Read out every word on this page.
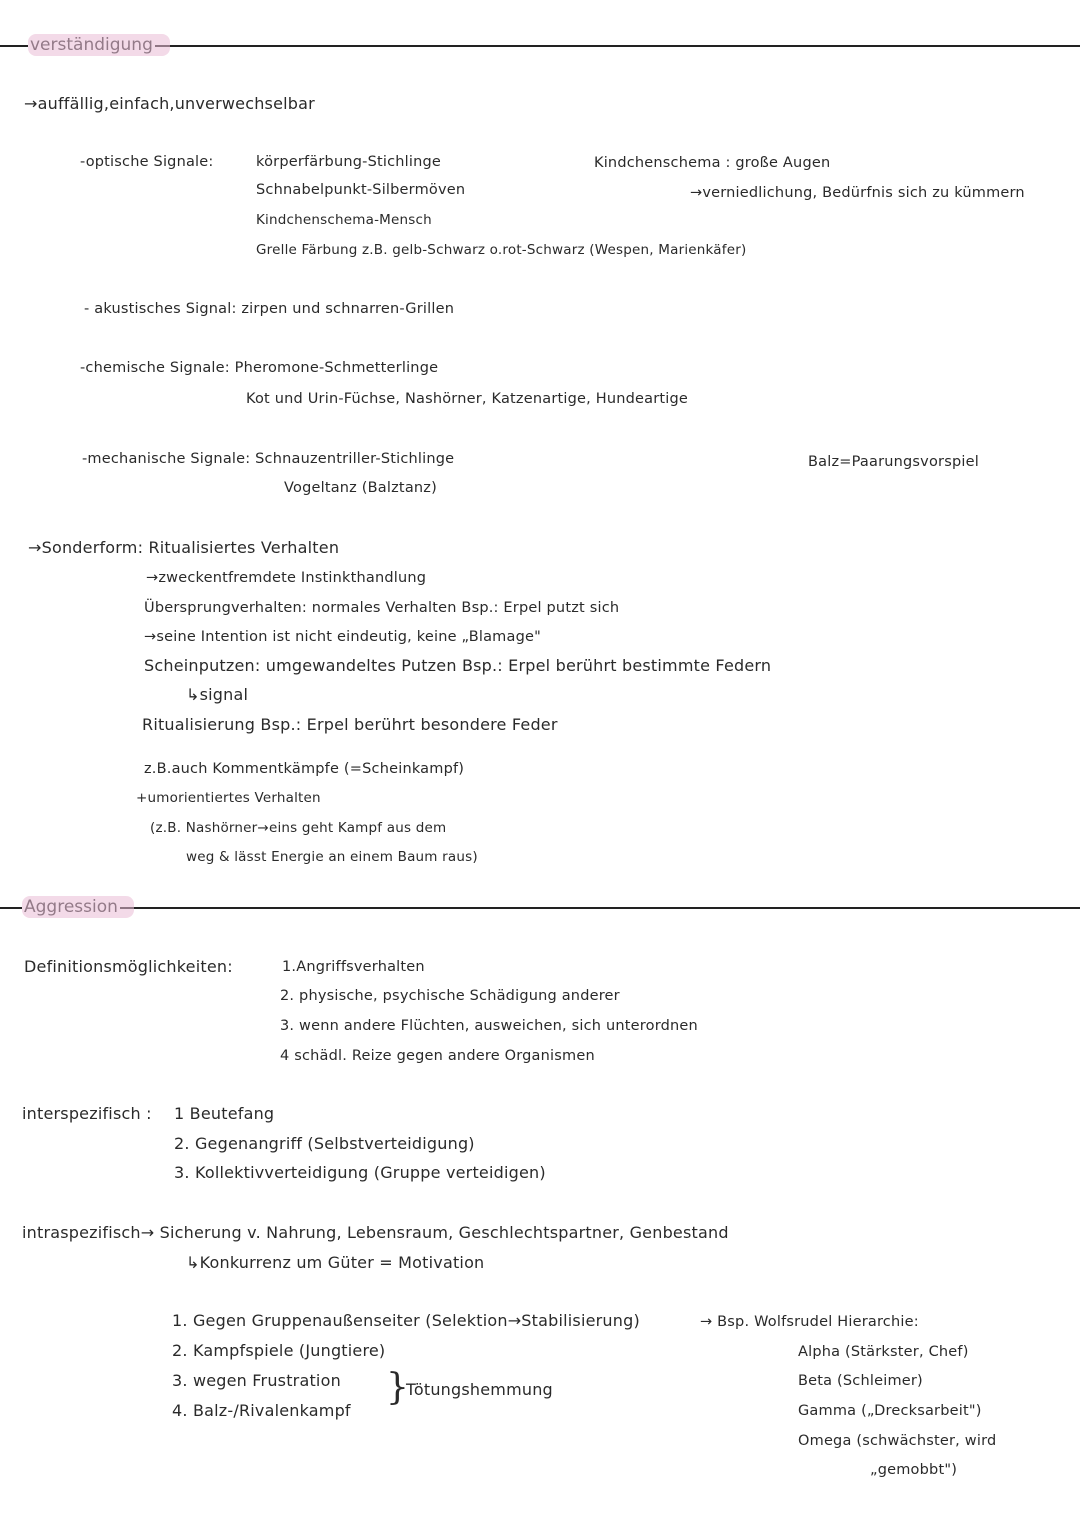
→auffällig,einfach,unverwechselbar
-optische Signale:	körperfärbung-Stichlinge
Schnabelpunkt-Silbermöven
Kindchenschema-Mensch
Grelle Färbung z.B. gelb-Schwarz o.rot-Schwarz (Wespen, Marienkäfer)
Kindchenschema : große Augen
→verniedlichung, Bedürfnis sich zu kümmern
- akustisches Signal: zirpen und schnarren-Grillen
-chemische Signale: Pheromone-Schmetterlinge
Kot und Urin-Füchse, Nashörner, Katzenartige, Hundeartige
-mechanische Signale: Schnauzentriller-Stichlinge
Vogeltanz (Balztanz)
Balz=Paarungsvorspiel
→Sonderform: Ritualisiertes Verhalten
→zweckentfremdete Instinkthandlung
Übersprungverhalten: normales Verhalten Bsp.: Erpel putzt sich
→seine Intention ist nicht eindeutig, keine „Blamage"
Scheinputzen: umgewandeltes Putzen Bsp.: Erpel berührt bestimmte Federn
↳signal
Ritualisierung Bsp.: Erpel berührt besondere Feder
z.B.auch Kommentkämpfe (=Scheinkampf)
+umorientiertes Verhalten
(z.B. Nashörner→eins geht Kampf aus dem
weg & lässt Energie an einem Baum raus)
Definitionsmöglichkeiten:	1.Angriffsverhalten
2. physische, psychische Schädigung anderer
3. wenn andere Flüchten, ausweichen, sich unterordnen
4 schädl. Reize gegen andere Organismen
interspezifisch : 1 Beutefang
2. Gegenangriff (Selbstverteidigung)
3. Kollektivverteidigung (Gruppe verteidigen)
intraspezifisch→ Sicherung v. Nahrung, Lebensraum, Geschlechtspartner, Genbestand
↳Konkurrenz um Güter = Motivation
1. Gegen Gruppenaußenseiter (Selektion→Stabilisierung)
2. Kampfspiele (Jungtiere)
3. wegen Frustration
4. Balz-/Rivalenkampf
}
Tötungshemmung
→ Bsp. Wolfsrudel Hierarchie:
Alpha (Stärkster, Chef)
Beta (Schleimer)
Gamma („Drecksarbeit")
Omega (schwächster, wird
„gemobbt")
